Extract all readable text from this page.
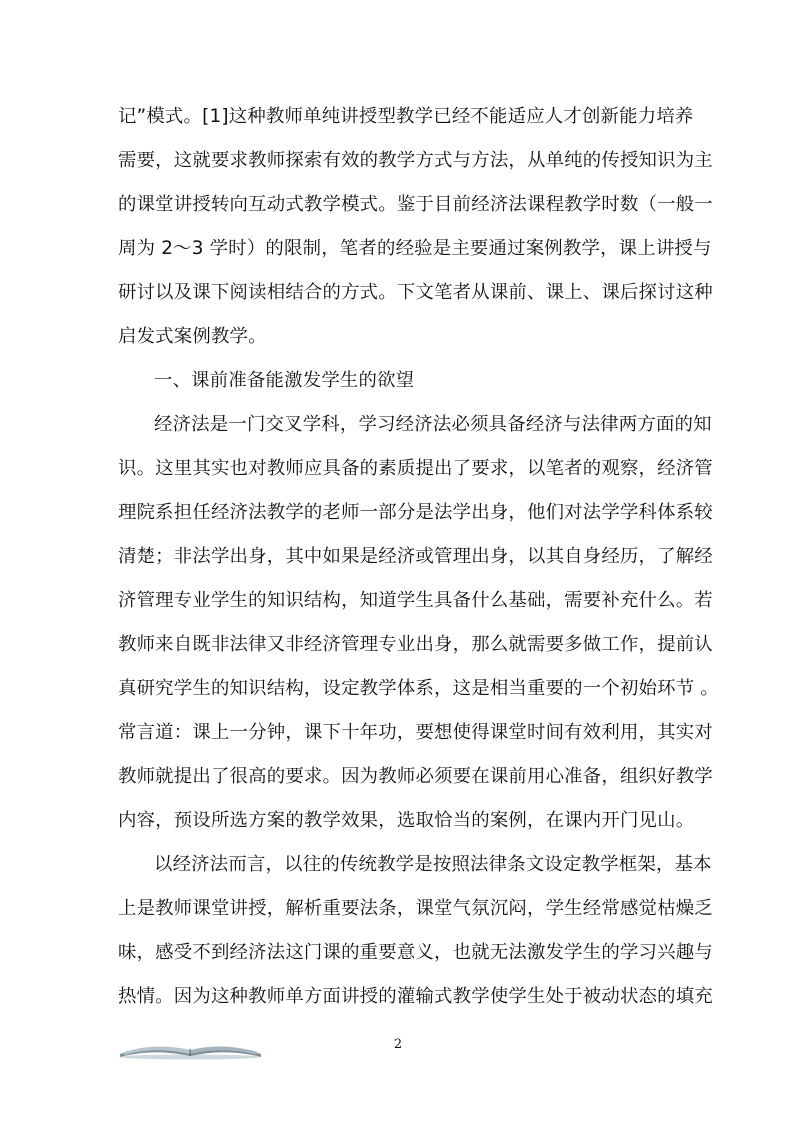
记”模式。[1]这种教师单纯讲授型教学已经不能适应人才创新能力培养
需要，这就要求教师探索有效的教学方式与方法，从单纯的传授知识为主
的课堂讲授转向互动式教学模式。鉴于目前经济法课程教学时数（一般一
周为 2～3 学时）的限制，笔者的经验是主要通过案例教学，课上讲授与
研讨以及课下阅读相结合的方式。下文笔者从课前、课上、课后探讨这种
启发式案例教学。
一、课前准备能激发学生的欲望
经济法是一门交叉学科，学习经济法必须具备经济与法律两方面的知
识。这里其实也对教师应具备的素质提出了要求，以笔者的观察，经济管
理院系担任经济法教学的老师一部分是法学出身，他们对法学学科体系较
清楚；非法学出身，其中如果是经济或管理出身，以其自身经历，了解经
济管理专业学生的知识结构，知道学生具备什么基础，需要补充什么。若
教师来自既非法律又非经济管理专业出身，那么就需要多做工作，提前认
真研究学生的知识结构，设定教学体系，这是相当重要的一个初始环节 。
常言道：课上一分钟，课下十年功，要想使得课堂时间有效利用，其实对
教师就提出了很高的要求。因为教师必须要在课前用心准备，组织好教学
内容，预设所选方案的教学效果，选取恰当的案例，在课内开门见山。
以经济法而言，以往的传统教学是按照法律条文设定教学框架，基本
上是教师课堂讲授，解析重要法条，课堂气氛沉闷，学生经常感觉枯燥乏
味，感受不到经济法这门课的重要意义，也就无法激发学生的学习兴趣与
热情。因为这种教师单方面讲授的灌输式教学使学生处于被动状态的填充
2
